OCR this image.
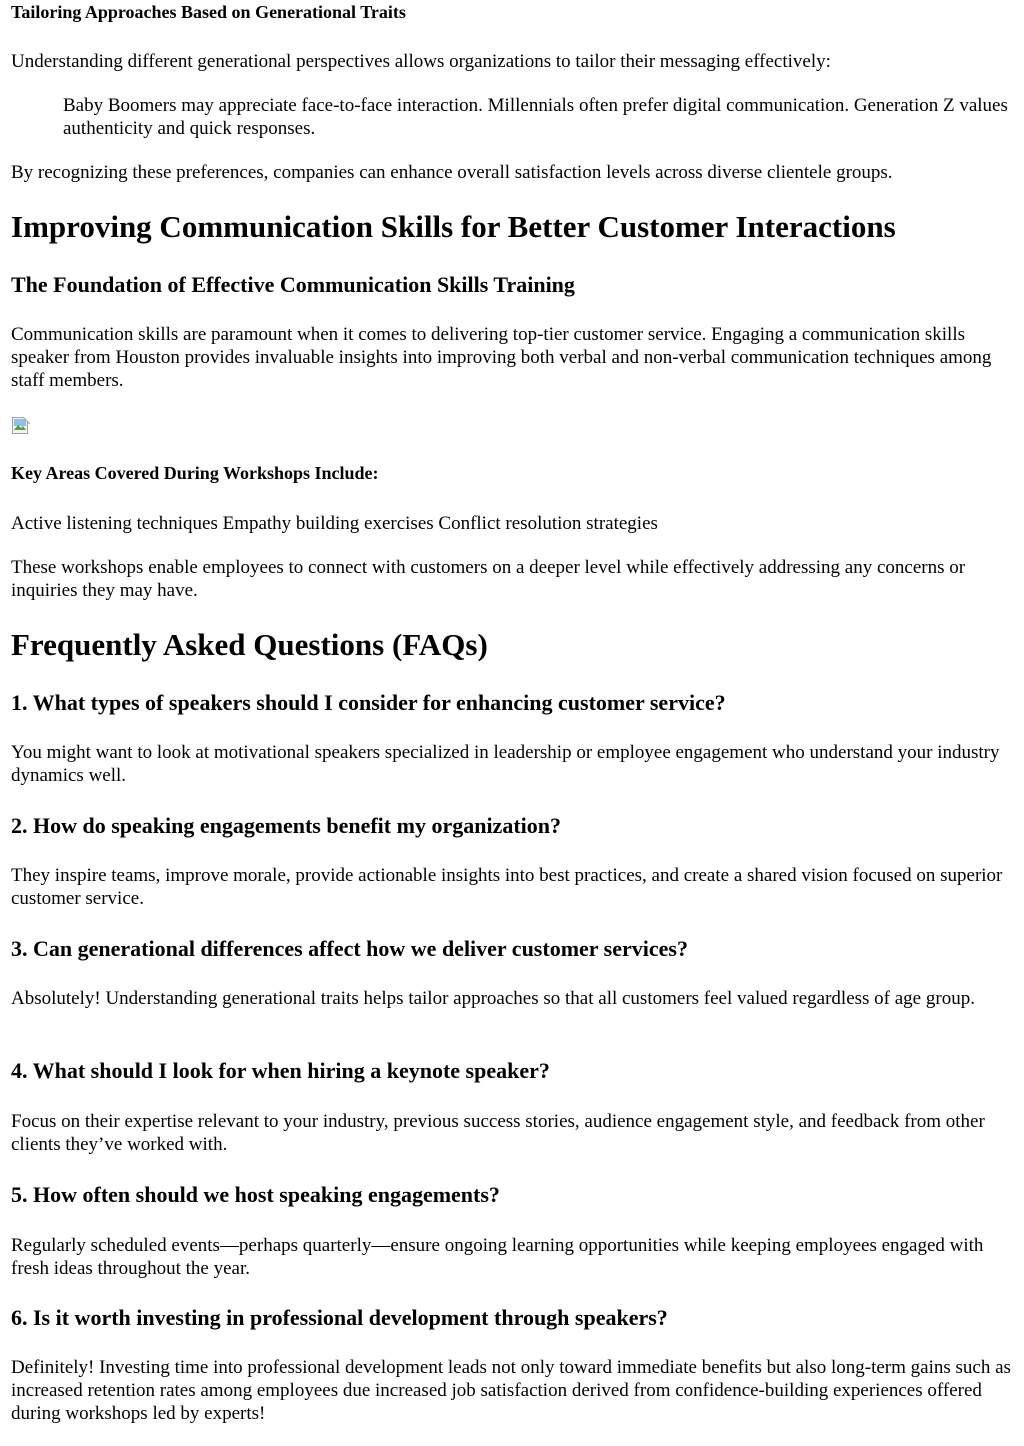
Tailoring Approaches Based on Generational Traits

Understanding different generational perspectives allows organizations to tailor their messaging effectively:

Baby Boomers may appreciate face-to-face interaction. Millennials often prefer digital communication. Generation Z values authenticity and quick responses.

By recognizing these preferences, companies can enhance overall satisfaction levels across diverse clientele groups.

Improving Communication Skills for Better Customer Interactions
The Foundation of Effective Communication Skills Training

Communication skills are paramount when it comes to delivering top-tier customer service. Engaging a communication skills speaker from Houston provides invaluable insights into improving both verbal and non-verbal communication techniques among staff members.

Key Areas Covered During Workshops Include:

Active listening techniques Empathy building exercises Conflict resolution strategies

These workshops enable employees to connect with customers on a deeper level while effectively addressing any concerns or inquiries they may have.

Frequently Asked Questions (FAQs)
1. What types of speakers should I consider for enhancing customer service?

You might want to look at motivational speakers specialized in leadership or employee engagement who understand your industry dynamics well.

2. How do speaking engagements benefit my organization?

They inspire teams, improve morale, provide actionable insights into best practices, and create a shared vision focused on superior customer service.

3. Can generational differences affect how we deliver customer services?

Absolutely! Understanding generational traits helps tailor approaches so that all customers feel valued regardless of age group.

4. What should I look for when hiring a keynote speaker?

Focus on their expertise relevant to your industry, previous success stories, audience engagement style, and feedback from other clients they’ve worked with.

5. How often should we host speaking engagements?

Regularly scheduled events—perhaps quarterly—ensure ongoing learning opportunities while keeping employees engaged with fresh ideas throughout the year.

6. Is it worth investing in professional development through speakers?

Definitely! Investing time into professional development leads not only toward immediate benefits but also long-term gains such as increased retention rates among employees due increased job satisfaction derived from confidence-building experiences offered during workshops led by experts!
